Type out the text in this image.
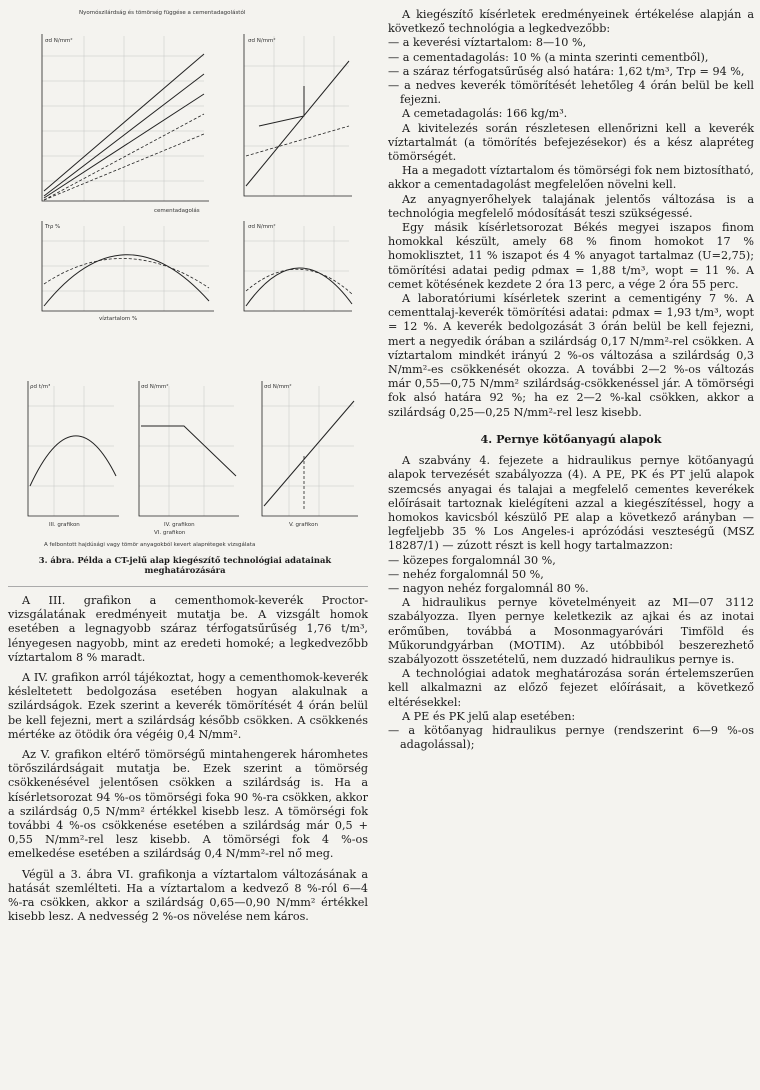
Nyomószilárdság és tömörség függése a cementadagolástól
σd N/mm²
cementadagolás
σd N/mm²
Trρ %
víztartalom %
σd N/mm²
ρd t/m³
III. grafikon
σd N/mm²
IV. grafikon
σd N/mm²
V. grafikon
VI. grafikon
A felbontott hajdúsági vagy tömör anyagokból kevert alaprétegek vizsgálata
3. ábra. Példa a CT-jelű alap kiegészítő technológiai adatainak meghatározására

A III. grafikon a cementhomok-keverék Proctor-vizsgálatának eredményeit mutatja be. A vizsgált homok esetében a legnagyobb száraz térfogatsűrűség 1,76 t/m³, lényegesen nagyobb, mint az eredeti homoké; a legkedvezőbb víztartalom 8 % maradt.

A IV. grafikon arról tájékoztat, hogy a cementhomok-keverék késleltetett bedolgozása esetében hogyan alakulnak a szilárdságok. Ezek szerint a keverék tömörítését 4 órán belül be kell fejezni, mert a szilárdság később csökken. A csökkenés mértéke az ötödik óra végéig 0,4 N/mm².

Az V. grafikon eltérő tömörségű mintahengerek háromhetes törőszilárdságait mutatja be. Ezek szerint a tömörség csökkenésével jelentősen csökken a szilárdság is. Ha a kísérletsorozat 94 %-os tömörségi foka 90 %-ra csökken, akkor a szilárdság 0,5 N/mm² értékkel kisebb lesz. A tömörségi fok további 4 %-os csökkenése esetében a szilárdság már 0,5 + 0,55 N/mm²-rel lesz kisebb. A tömörségi fok 4 %-os emelkedése esetében a szilárdság 0,4 N/mm²-rel nő meg.

Végül a 3. ábra VI. grafikonja a víztartalom változásának a hatását szemlélteti. Ha a víztartalom a kedvező 8 %-ról 6—4 %-ra csökken, akkor a szilárdság 0,65—0,90 N/mm² értékkel kisebb lesz. A nedvesség 2 %-os növelése nem káros.

A kiegészítő kísérletek eredményeinek értékelése alapján a következő technológia a legkedvezőbb:

— a keverési víztartalom: 8—10 %,

— a cementadagolás: 10 % (a minta szerinti cementből),

— a száraz térfogatsűrűség alsó határa: 1,62 t/m³, Trρ = 94 %,

— a nedves keverék tömörítését lehetőleg 4 órán belül be kell fejezni.

A cemetadagolás: 166 kg/m³.

A kivitelezés során részletesen ellenőrizni kell a keverék víztartalmát (a tömörítés befejezésekor) és a kész alapréteg tömörségét.

Ha a megadott víztartalom és tömörségi fok nem biztosítható, akkor a cementadagolást megfelelően növelni kell.

Az anyagnyerőhelyek talajának jelentős változása is a technológia megfelelő módosítását teszi szükségessé.

Egy másik kísérletsorozat Békés megyei iszapos finom homokkal készült, amely 68 % finom homokot 17 % homoklisztet, 11 % iszapot és 4 % anyagot tartalmaz (U=2,75); tömörítési adatai pedig ρdmax = 1,88 t/m³, wopt = 11 %. A cemet kötésének kezdete 2 óra 13 perc, a vége 2 óra 55 perc.

A laboratóriumi kísérletek szerint a cementigény 7 %. A cementtalaj-keverék tömörítési adatai: ρdmax = 1,93 t/m³, wopt = 12 %. A keverék bedolgozását 3 órán belül be kell fejezni, mert a negyedik órában a szilárdság 0,17 N/mm²-rel csökken. A víztartalom mindkét irányú 2 %-os változása a szilárdság 0,3 N/mm²-es csökkenését okozza. A további 2—2 %-os változás már 0,55—0,75 N/mm² szilárdság-csökkenéssel jár. A tömörségi fok alsó határa 92 %; ha ez 2—2 %-kal csökken, akkor a szilárdság 0,25—0,25 N/mm²-rel lesz kisebb.

4. Pernye kötőanyagú alapok

A szabvány 4. fejezete a hidraulikus pernye kötőanyagú alapok tervezését szabályozza (4). A PE, PK és PT jelű alapok szemcsés anyagai és talajai a megfelelő cementes keverékek előírásait tartoznak kielégíteni azzal a kiegészítéssel, hogy a homokos kavicsból készülő PE alap a következő arányban — legfeljebb 35 % Los Angeles-i aprózódási veszteségű (MSZ 18287/1) — zúzott részt is kell hogy tartalmazzon:

— közepes forgalomnál 30 %,

— nehéz forgalomnál 50 %,

— nagyon nehéz forgalomnál 80 %.

A hidraulikus pernye követelményeit az MI—07 3112 szabályozza. Ilyen pernye keletkezik az ajkai és az inotai erőműben, továbbá a Mosonmagyaróvári Timföld és Műkorundgyárban (MOTIM). Az utóbbiból beszerezhető szabályozott összetételű, nem duzzadó hidraulikus pernye is.

A technológiai adatok meghatározása során értelemszerűen kell alkalmazni az előző fejezet előírásait, a következő eltérésekkel:

A PE és PK jelű alap esetében:

— a kötőanyag hidraulikus pernye (rendszerint 6—9 %-os adagolással);
